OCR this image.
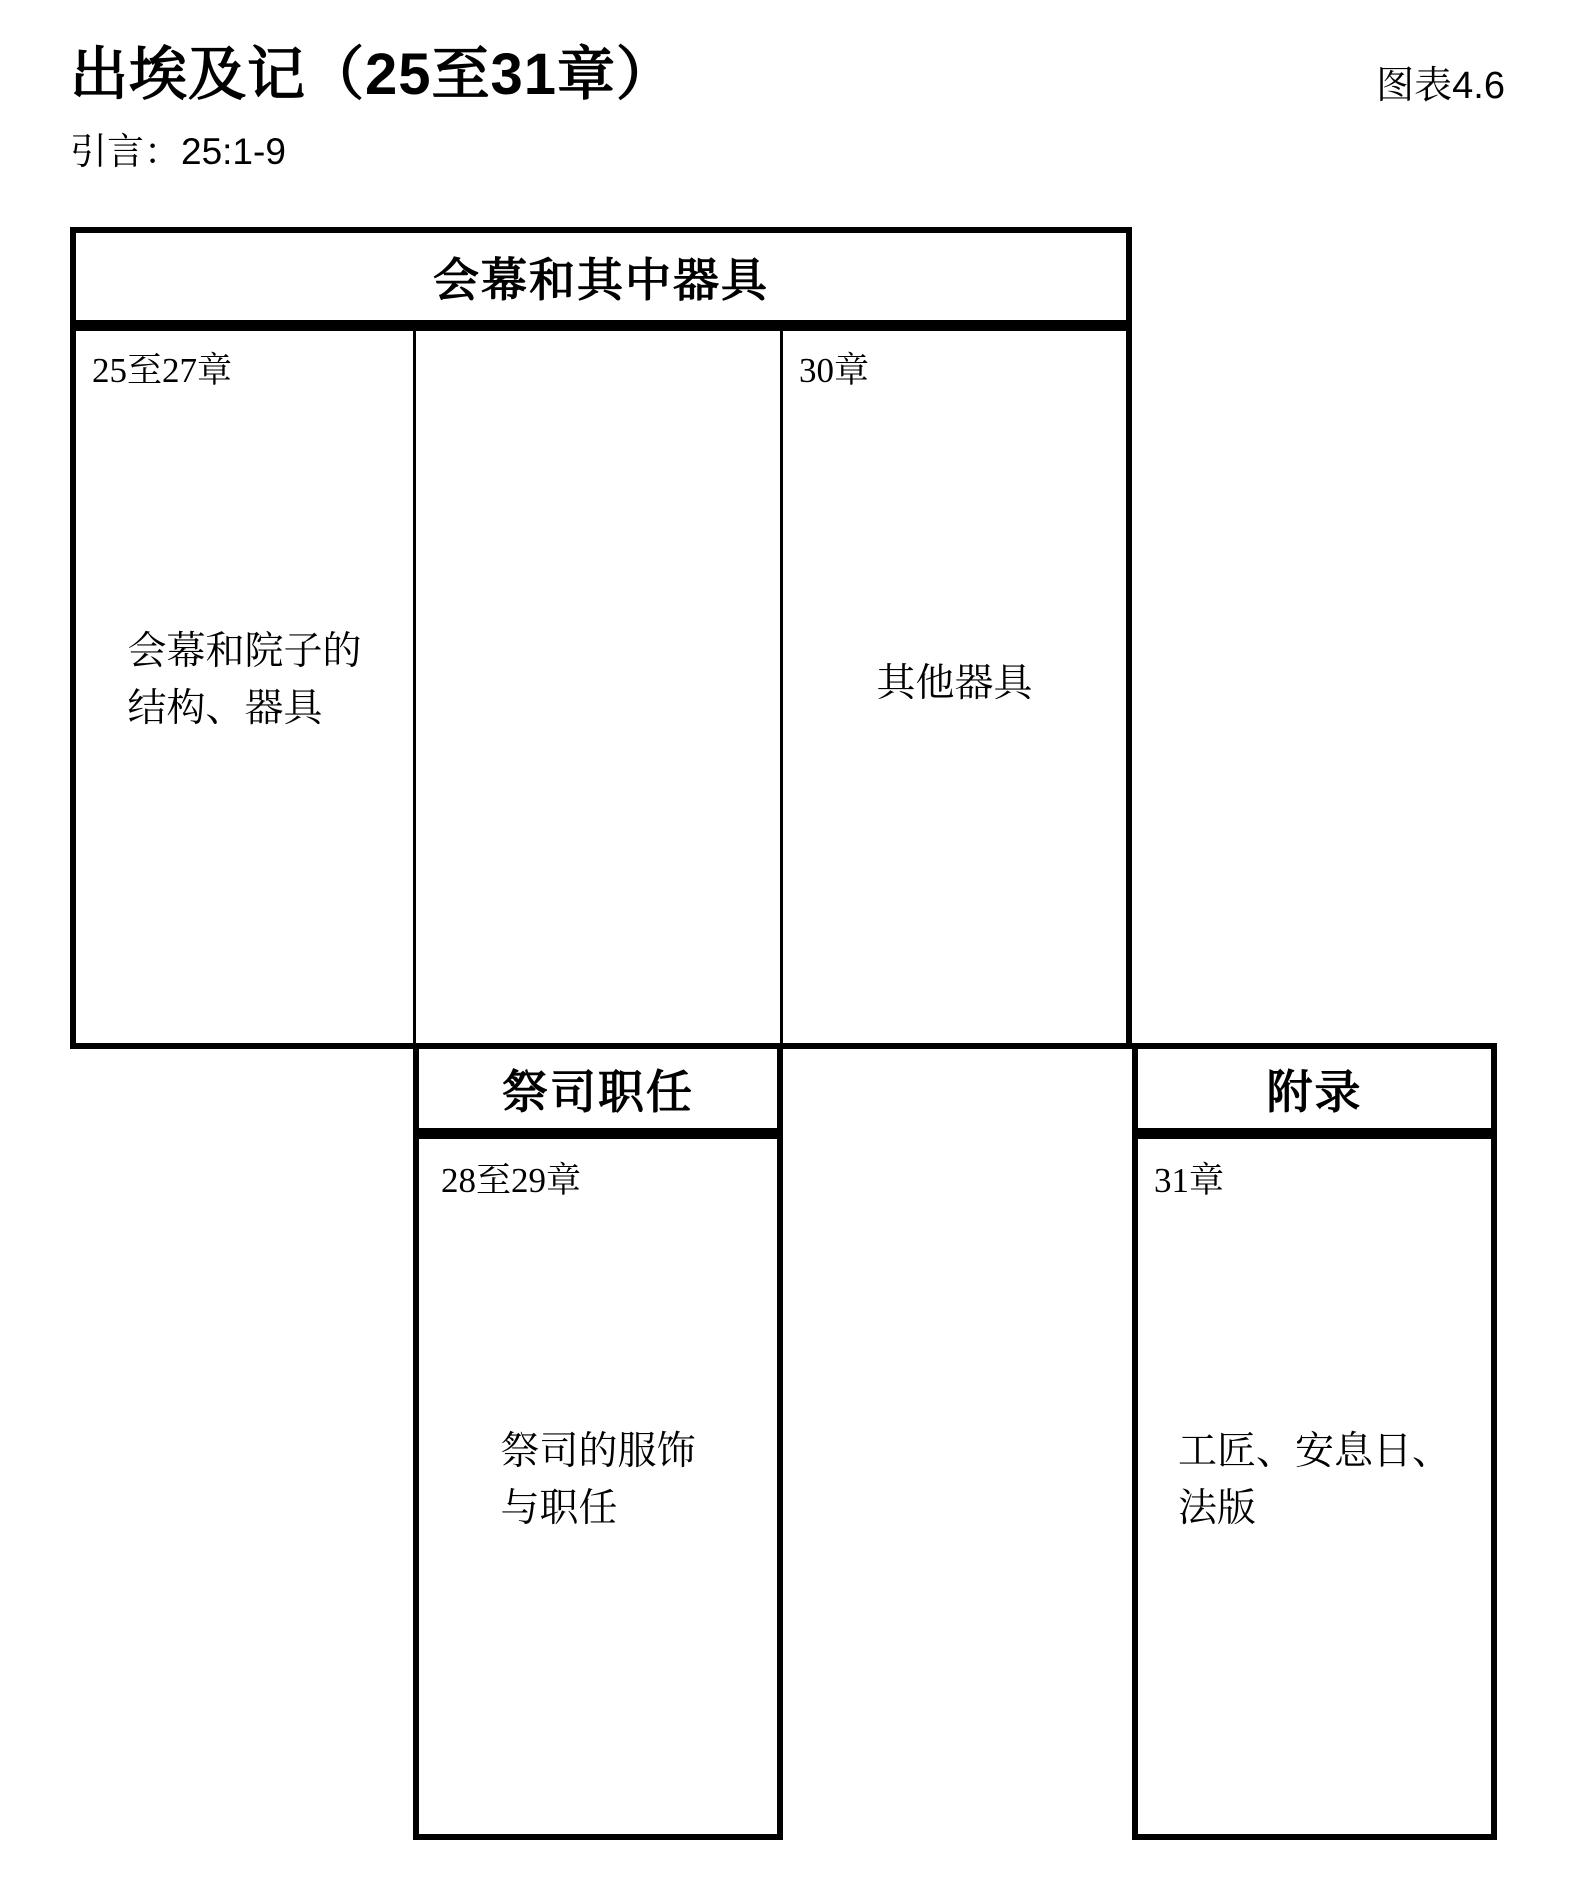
出埃及记（25至31章）	图表4.6
引言：25:1-9
会幕和其中器具
25至27章
会幕和院子的
结构、器具
30章
其他器具
祭司职任
28至29章
祭司的服饰
与职任
附录
31章
工匠、安息日、
法版
